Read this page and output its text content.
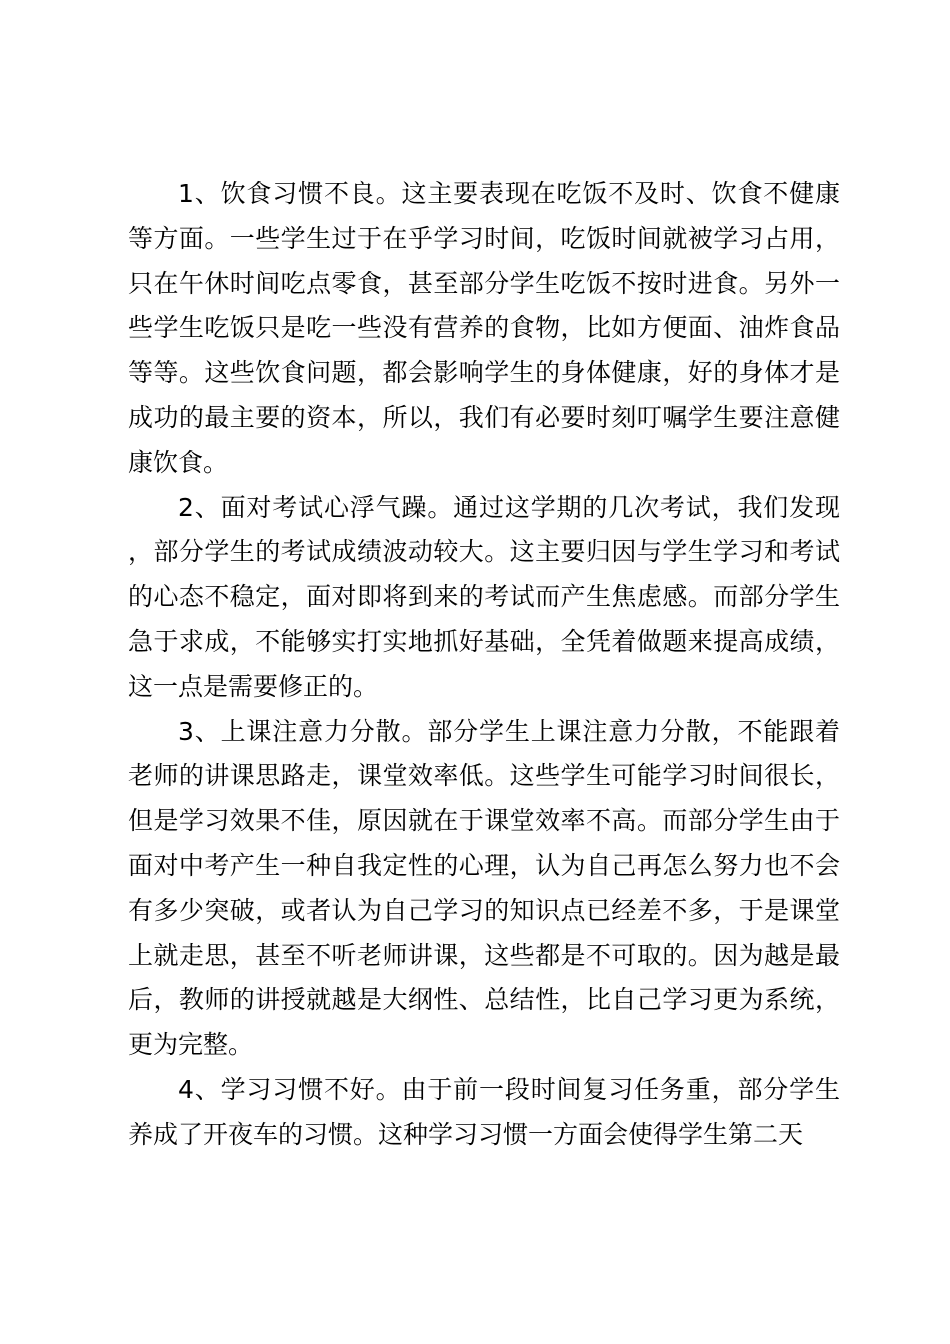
1、饮食习惯不良。这主要表现在吃饭不及时、饮食不健康等方面。一些学生过于在乎学习时间，吃饭时间就被学习占用，只在午休时间吃点零食，甚至部分学生吃饭不按时进食。另外一些学生吃饭只是吃一些没有营养的食物，比如方便面、油炸食品等等。这些饮食问题，都会影响学生的身体健康，好的身体才是成功的最主要的资本，所以，我们有必要时刻叮嘱学生要注意健康饮食。

2、面对考试心浮气躁。通过这学期的几次考试，我们发现，部分学生的考试成绩波动较大。这主要归因与学生学习和考试的心态不稳定，面对即将到来的考试而产生焦虑感。而部分学生急于求成，不能够实打实地抓好基础，全凭着做题来提高成绩，这一点是需要修正的。

3、上课注意力分散。部分学生上课注意力分散，不能跟着老师的讲课思路走，课堂效率低。这些学生可能学习时间很长，但是学习效果不佳，原因就在于课堂效率不高。而部分学生由于面对中考产生一种自我定性的心理，认为自己再怎么努力也不会有多少突破，或者认为自己学习的知识点已经差不多，于是课堂上就走思，甚至不听老师讲课，这些都是不可取的。因为越是最后，教师的讲授就越是大纲性、总结性，比自己学习更为系统，更为完整。

4、学习习惯不好。由于前一段时间复习任务重，部分学生养成了开夜车的习惯。这种学习习惯一方面会使得学生第二天
